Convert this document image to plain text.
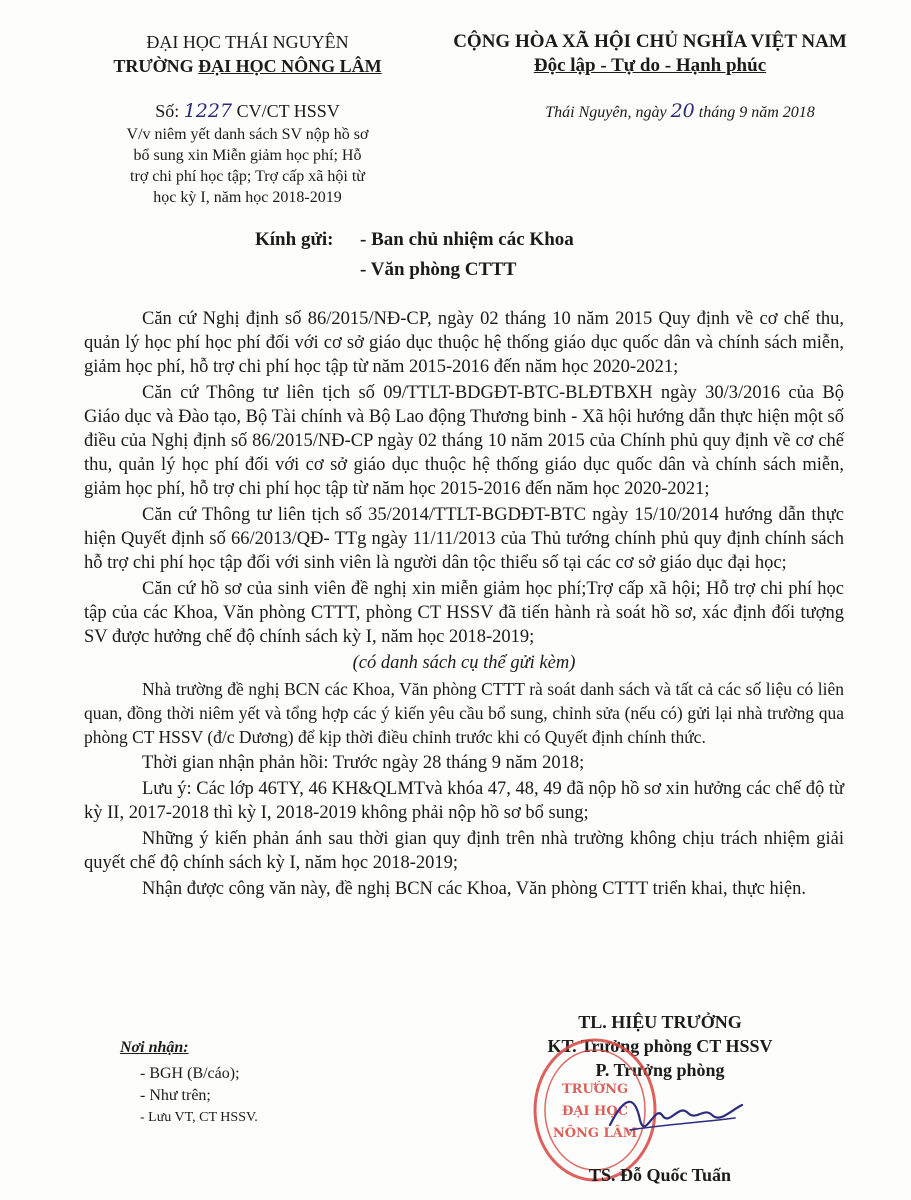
ĐẠI HỌC THÁI NGUYÊN
TRƯỜNG ĐẠI HỌC NÔNG LÂM
CỘNG HÒA XÃ HỘI CHỦ NGHĨA VIỆT NAM
Độc lập - Tự do - Hạnh phúc
Số: 1227 CV/CT HSSV
V/v niêm yết danh sách SV nộp hồ sơ
bổ sung xin Miễn giảm học phí; Hỗ
trợ chi phí học tập; Trợ cấp xã hội từ
học kỳ I, năm học 2018-2019
Thái Nguyên, ngày 20 tháng 9 năm 2018
Kính gửi: - Ban chủ nhiệm các Khoa
- Văn phòng CTTT

Căn cứ Nghị định số 86/2015/NĐ-CP, ngày 02 tháng 10 năm 2015 Quy định về cơ chế thu, quản lý học phí học phí đối với cơ sở giáo dục thuộc hệ thống giáo dục quốc dân và chính sách miễn, giảm học phí, hỗ trợ chi phí học tập từ năm 2015-2016 đến năm học 2020-2021;

Căn cứ Thông tư liên tịch số 09/TTLT-BDGĐT-BTC-BLĐTBXH ngày 30/3/2016 của Bộ Giáo dục và Đào tạo, Bộ Tài chính và Bộ Lao động Thương binh - Xã hội hướng dẫn thực hiện một số điều của Nghị định số 86/2015/NĐ-CP ngày 02 tháng 10 năm 2015 của Chính phủ quy định về cơ chế thu, quản lý học phí đối với cơ sở giáo dục thuộc hệ thống giáo dục quốc dân và chính sách miễn, giảm học phí, hỗ trợ chi phí học tập từ năm học 2015-2016 đến năm học 2020-2021;

Căn cứ Thông tư liên tịch số 35/2014/TTLT-BGDĐT-BTC ngày 15/10/2014 hướng dẫn thực hiện Quyết định số 66/2013/QĐ- TTg ngày 11/11/2013 của Thủ tướng chính phủ quy định chính sách hỗ trợ chi phí học tập đối với sinh viên là người dân tộc thiểu số tại các cơ sở giáo dục đại học;

Căn cứ hồ sơ của sinh viên đề nghị xin miễn giảm học phí;Trợ cấp xã hội; Hỗ trợ chi phí học tập của các Khoa, Văn phòng CTTT, phòng CT HSSV đã tiến hành rà soát hồ sơ, xác định đối tượng SV được hưởng chế độ chính sách kỳ I, năm học 2018-2019;

(có danh sách cụ thể gửi kèm)

Nhà trường đề nghị BCN các Khoa, Văn phòng CTTT rà soát danh sách và tất cả các số liệu có liên quan, đồng thời niêm yết và tổng hợp các ý kiến yêu cầu bổ sung, chỉnh sửa (nếu có) gửi lại nhà trường qua phòng CT HSSV (đ/c Dương) để kịp thời điều chỉnh trước khi có Quyết định chính thức.

Thời gian nhận phản hồi: Trước ngày 28 tháng 9 năm 2018;

Lưu ý: Các lớp 46TY, 46 KH&QLMTvà khóa 47, 48, 49 đã nộp hồ sơ xin hưởng các chế độ từ kỳ II, 2017-2018 thì kỳ I, 2018-2019 không phải nộp hồ sơ bổ sung;

Những ý kiến phản ánh sau thời gian quy định trên nhà trường không chịu trách nhiệm giải quyết chế độ chính sách kỳ I, năm học 2018-2019;

Nhận được công văn này, đề nghị BCN các Khoa, Văn phòng CTTT triển khai, thực hiện.

Nơi nhận:
- BGH (B/cáo);
- Như trên;
- Lưu VT, CT HSSV.
TL. HIỆU TRƯỞNG
KT. Trưởng phòng CT HSSV
P. Trưởng phòng
TRƯỜNG
ĐẠI HỌC
NÔNG LÂM
TS. Đỗ Quốc Tuấn
